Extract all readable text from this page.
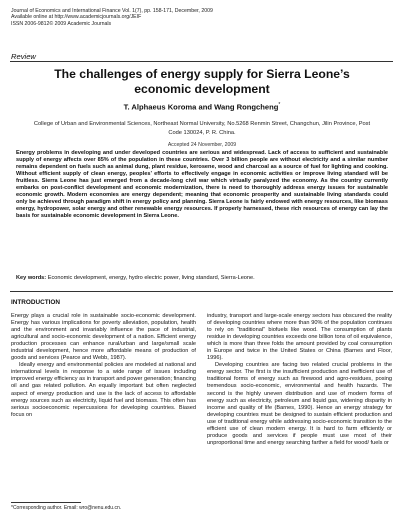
Journal of Economics and International Finance Vol. 1(7), pp. 158-171, December, 2009
Available online at http://www.academicjournals.org/JEIF
ISSN 2006-9812© 2009 Academic Journals
Review
The challenges of energy supply for Sierra Leone’s
economic development
T. Alphaeus Koroma and Wang Rongcheng*
College of Urban and Environmental Sciences, Northeast Normal University, No.5268 Renmin Street, Changchun, Jilin Province, Post Code 130024, P. R. China.
Accepted 24 November, 2009
Energy problems in developing and under developed countries are serious and widespread. Lack of access to sufficient and sustainable supply of energy affects over 85% of the population in these countries. Over 3 billion people are without electricity and a similar number remains dependent on fuels such as animal dung, plant residue, kerosene, wood and charcoal as a source of fuel for lighting and cooking. Without efficient supply of clean energy, peoples’ efforts to effectively engage in economic activities or improve living standard will be fruitless. Sierra Leone has just emerged from a decade-long civil war which virtually paralyzed the economy. As the country currently embarks on post-conflict development and economic modernization, there is need to thoroughly address energy issues for sustainable economic growth. Modern economies are energy dependent; meaning that economic prosperity and sustainable living standards could only be achieved through paradigm shift in energy policy and planning. Sierra Leone is fairly endowed with energy resources, like biomass energy, hydropower, solar energy and other renewable energy resources. If properly harnessed, these rich resources of energy can lay the basis for sustainable economic development in Sierra Leone.
Key words: Economic development, energy, hydro electric power, living standard, Sierra-Leone.
INTRODUCTION

Energy plays a crucial role in sustainable socio-economic development. Energy has various implications for poverty alleviation, population, health and the environment and invariably influence the pace of industrial, agricultural and socio-economic development of a nation. Efficient energy production processes can enhance rural/urban and large/small scale industrial development, hence more affordable means of production of goods and services (Pearce and Webb, 1987).

Ideally energy and environmental policies are modeled at national and international levels in response to a wide range of issues including improved energy efficiency as in transport and power generation; financing oil and gas related pollution. An equally important but often neglected aspect of energy production and use is the lack of access to affordable energy sources such as electricity, liquid fuel and biomass. This often has serious socioeconomic repercussions for developing countries. Biased focus on

industry, transport and large-scale energy sectors has obscured the reality of developing countries where more than 90% of the population continues to rely on “traditional” biofuels like wood. The consumption of plants residue in developing countries exceeds one billion tons of oil equivalence, which is more than three folds the amount provided by coal consumption in Europe and twice in the United States or China (Barnes and Floor, 1996).

Developing countries are facing two related crucial problems in the energy sector. The first is the insufficient production and inefficient use of traditional forms of energy such as firewood and agro-residues, posing tremendous socio-economic, environmental and health hazards. The second is the highly uneven distribution and use of modern forms of energy such as electricity, petroleum and liquid gas, widening disparity in income and quality of life (Barnes, 1990). Hence an energy strategy for developing countries must be designed to sustain efficient production and use of traditional energy while addressing socio-economic transition to the efficient use of clean modern energy. It is hard to farm efficiently or produce goods and services if people must use most of their unproportional time and energy searching farther a field for wood/ fuels or

*Corresponding author. Email: wro@nenu.edu.cn.
